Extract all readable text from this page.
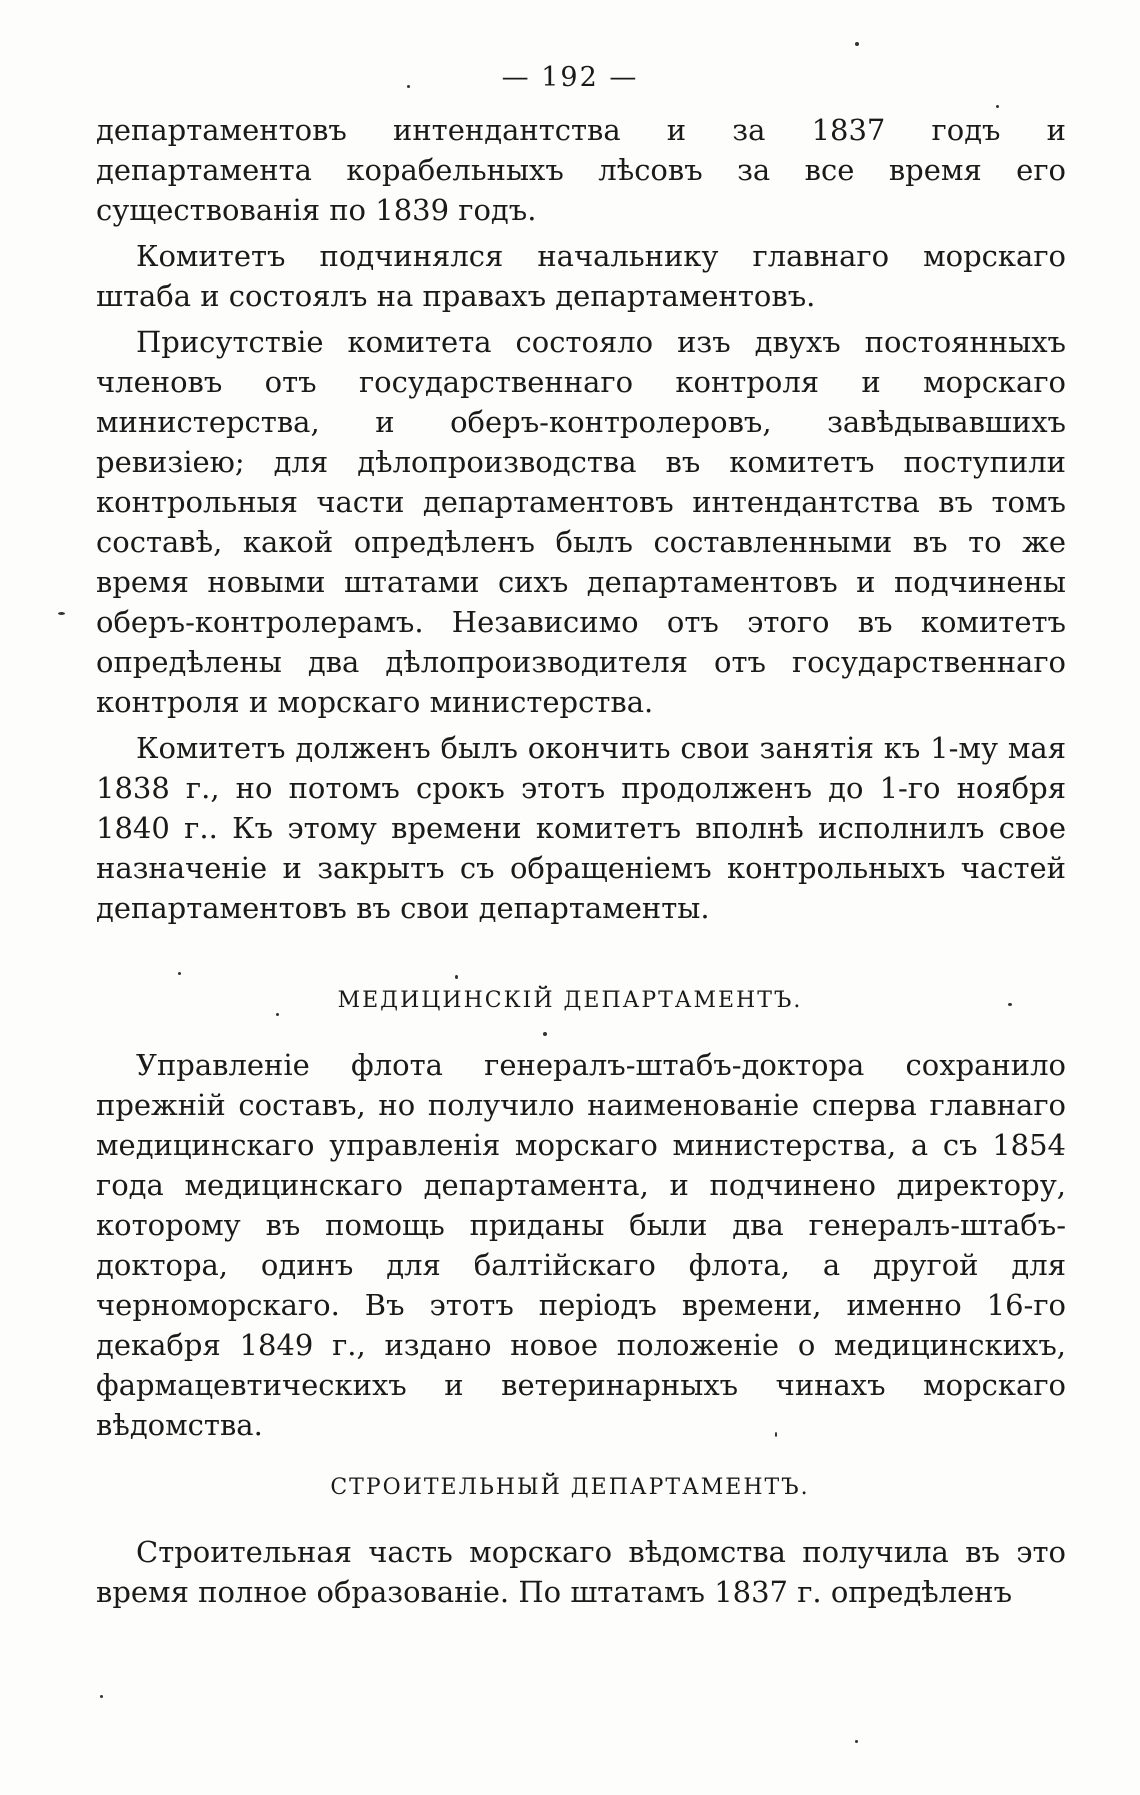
— 192 —

департаментовъ интендантства и за 1837 годъ и департамента корабельныхъ лѣсовъ за все время его существованія по 1839 годъ.

Комитетъ подчинялся начальнику главнаго морскаго штаба и состоялъ на правахъ департаментовъ.

Присутствіе комитета состояло изъ двухъ постоянныхъ членовъ отъ государственнаго контроля и морскаго министерства, и оберъ-контролеровъ, завѣдывавшихъ ревизіею; для дѣлопроизводства въ комитетъ поступили контрольныя части департаментовъ интендантства въ томъ составѣ, какой опредѣленъ былъ составленными въ то же время новыми штатами сихъ департаментовъ и подчинены оберъ-контролерамъ. Независимо отъ этого въ комитетъ опредѣлены два дѣлопроизводителя отъ государственнаго контроля и морскаго министерства.

Комитетъ долженъ былъ окончить свои занятія къ 1-му мая 1838 г., но потомъ срокъ этотъ продолженъ до 1-го ноября 1840 г.. Къ этому времени комитетъ вполнѣ исполнилъ свое назначеніе и закрытъ съ обращеніемъ контрольныхъ частей департаментовъ въ свои департаменты.

МЕДИЦИНСКІЙ ДЕПАРТАМЕНТЪ.

Управленіе флота генералъ-штабъ-доктора сохранило прежній составъ, но получило наименованіе сперва главнаго медицинскаго управленія морскаго министерства, а съ 1854 года медицинскаго департамента, и подчинено директору, которому въ помощь приданы были два генералъ-штабъ-доктора, одинъ для балтійскаго флота, а другой для черноморскаго. Въ этотъ періодъ времени, именно 16-го декабря 1849 г., издано новое положеніе о медицинскихъ, фармацевтическихъ и ветеринарныхъ чинахъ морскаго вѣдомства.

СТРОИТЕЛЬНЫЙ ДЕПАРТАМЕНТЪ.

Строительная часть морскаго вѣдомства получила въ это время полное образованіе. По штатамъ 1837 г. опредѣленъ
